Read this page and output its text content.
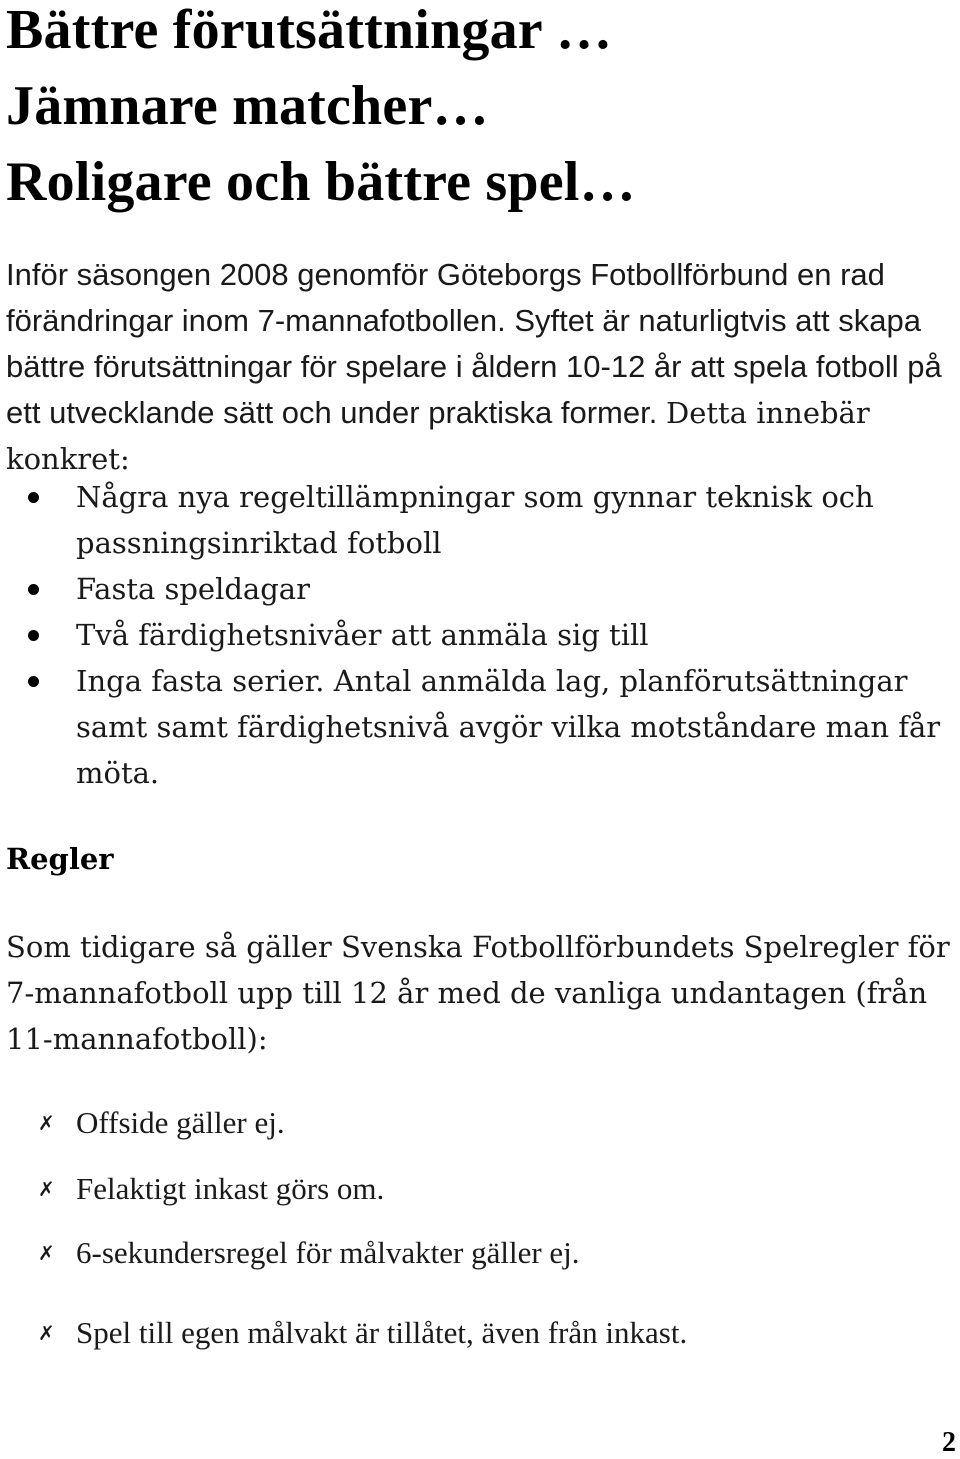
Bättre förutsättningar …
Jämnare matcher…
Roligare och bättre spel…

Inför säsongen 2008 genomför Göteborgs Fotbollförbund en rad förändringar inom 7-mannafotbollen. Syftet är naturligtvis att skapa bättre förutsättningar för spelare i åldern 10-12 år att spela fotboll på ett utvecklande sätt och under praktiska former. Detta innebär konkret:

Några nya regeltillämpningar som gynnar teknisk och passningsinriktad fotboll
Fasta speldagar
Två färdighetsnivåer att anmäla sig till
Inga fasta serier. Antal anmälda lag, planförutsättningar samt samt färdighetsnivå avgör vilka motståndare man får möta.
Regler

Som tidigare så gäller Svenska Fotbollförbundets Spelregler för 7-mannafotboll upp till 12 år med de vanliga undantagen (från 11-mannafotboll):

✗ Offside gäller ej.
✗ Felaktigt inkast görs om.
✗ 6-sekundersregel för målvakter gäller ej.
✗ Spel till egen målvakt är tillåtet, även från inkast.

2
